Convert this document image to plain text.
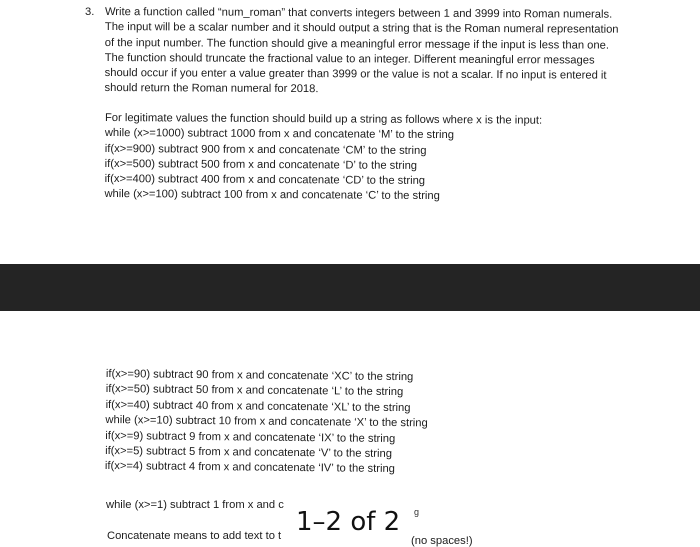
3. Write a function called “num_roman” that converts integers between 1 and 3999 into Roman numerals. The input will be a scalar number and it should output a string that is the Roman numeral representation of the input number. The function should give a meaningful error message if the input is less than one. The function should truncate the fractional value to an integer. Different meaningful error messages should occur if you enter a value greater than 3999 or the value is not a scalar. If no input is entered it should return the Roman numeral for 2018.

For legitimate values the function should build up a string as follows where x is the input:
while (x>=1000) subtract 1000 from x and concatenate ‘M’ to the string
if(x>=900) subtract 900 from x and concatenate ‘CM’ to the string
if(x>=500) subtract 500 from x and concatenate ‘D’ to the string
if(x>=400) subtract 400 from x and concatenate ‘CD’ to the string
while (x>=100) subtract 100 from x and concatenate ‘C’ to the string
if(x>=90) subtract 90 from x and concatenate ‘XC’ to the string
if(x>=50) subtract 50 from x and concatenate ‘L’ to the string
if(x>=40) subtract 40 from x and concatenate ‘XL’ to the string
while (x>=10) subtract 10 from x and concatenate ‘X’ to the string
if(x>=9) subtract 9 from x and concatenate ‘IX’ to the string
if(x>=5) subtract 5 from x and concatenate ‘V’ to the string
if(x>=4) subtract 4 from x and concatenate ‘IV’ to the string
while (x>=1) subtract 1 from x and c
g
Concatenate means to add text to t	(no spaces!)
1–2 of 2
